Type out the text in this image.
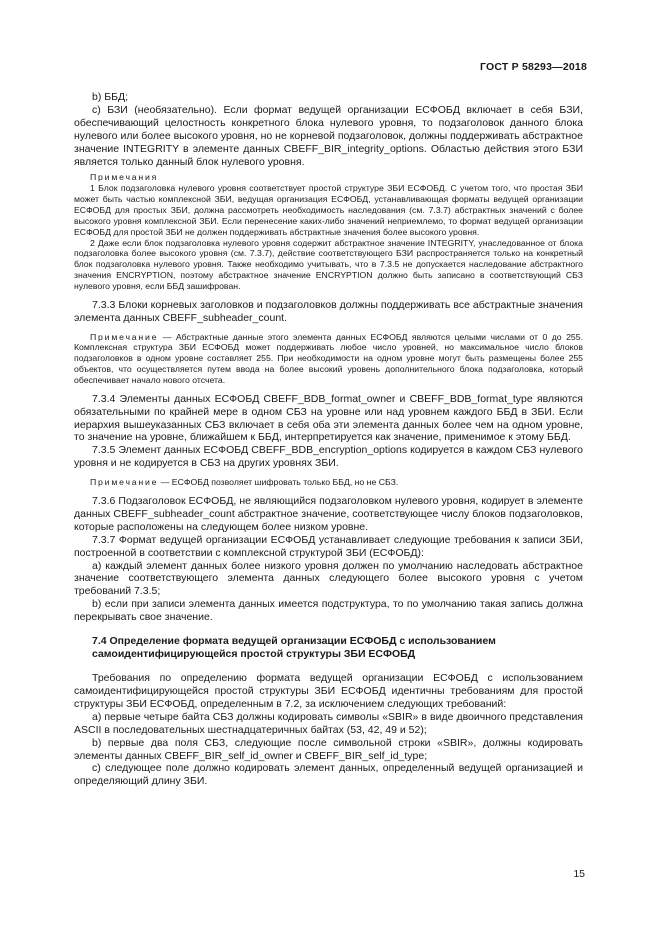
ГОСТ Р 58293—2018

b) ББД;

c) БЗИ (необязательно). Если формат ведущей организации ЕСФОБД включает в себя БЗИ, обеспечивающий целостность конкретного блока нулевого уровня, то подзаголовок данного блока нулевого или более высокого уровня, но не корневой подзаголовок, должны поддерживать абстрактное значение INTEGRITY в элементе данных CBEFF_BIR_integrity_options. Областью действия этого БЗИ является только данный блок нулевого уровня.

Примечания

1 Блок подзаголовка нулевого уровня соответствует простой структуре ЗБИ ЕСФОБД. С учетом того, что простая ЗБИ может быть частью комплексной ЗБИ, ведущая организация ЕСФОБД, устанавливающая форматы ведущей организации ЕСФОБД для простых ЗБИ, должна рассмотреть необходимость наследования (см. 7.3.7) абстрактных значений с более высокого уровня комплексной ЗБИ. Если перенесение каких-либо значений неприемлемо, то формат ведущей организации ЕСФОБД для простой ЗБИ не должен поддерживать абстрактные значения более высокого уровня.

2 Даже если блок подзаголовка нулевого уровня содержит абстрактное значение INTEGRITY, унаследованное от блока подзаголовка более высокого уровня (см. 7.3.7), действие соответствующего БЗИ распространяется только на конкретный блок подзаголовка нулевого уровня. Также необходимо учитывать, что в 7.3.5 не допускается наследование абстрактного значения ENCRYPTION, поэтому абстрактное значение ENCRYPTION должно быть записано в соответствующий СБЗ нулевого уровня, если ББД зашифрован.

7.3.3 Блоки корневых заголовков и подзаголовков должны поддерживать все абстрактные значения элемента данных CBEFF_subheader_count.

Примечание — Абстрактные данные этого элемента данных ЕСФОБД являются целыми числами от 0 до 255. Комплексная структура ЗБИ ЕСФОБД может поддерживать любое число уровней, но максимальное число блоков подзаголовков в одном уровне составляет 255. При необходимости на одном уровне могут быть размещены более 255 объектов, что осуществляется путем ввода на более высокий уровень дополнительного блока подзаголовка, который обеспечивает начало нового отсчета.

7.3.4 Элементы данных ЕСФОБД CBEFF_BDB_format_owner и CBEFF_BDB_format_type являются обязательными по крайней мере в одном СБЗ на уровне или над уровнем каждого ББД в ЗБИ. Если иерархия вышеуказанных СБЗ включает в себя оба эти элемента данных более чем на одном уровне, то значение на уровне, ближайшем к ББД, интерпретируется как значение, применимое к этому ББД.

7.3.5 Элемент данных ЕСФОБД CBEFF_BDB_encryption_options кодируется в каждом СБЗ нулевого уровня и не кодируется в СБЗ на других уровнях ЗБИ.

Примечание — ЕСФОБД позволяет шифровать только ББД, но не СБЗ.

7.3.6 Подзаголовок ЕСФОБД, не являющийся подзаголовком нулевого уровня, кодирует в элементе данных CBEFF_subheader_count абстрактное значение, соответствующее числу блоков подзаголовков, которые расположены на следующем более низком уровне.

7.3.7 Формат ведущей организации ЕСФОБД устанавливает следующие требования к записи ЗБИ, построенной в соответствии с комплексной структурой ЗБИ (ЕСФОБД):

a) каждый элемент данных более низкого уровня должен по умолчанию наследовать абстрактное значение соответствующего элемента данных следующего более высокого уровня с учетом требований 7.3.5;

b) если при записи элемента данных имеется подструктура, то по умолчанию такая запись должна перекрывать свое значение.

7.4 Определение формата ведущей организации ЕСФОБД с использованием

самоидентифицирующейся простой структуры ЗБИ ЕСФОБД

Требования по определению формата ведущей организации ЕСФОБД с использованием самоидентифицирующейся простой структуры ЗБИ ЕСФОБД идентичны требованиям для простой структуры ЗБИ ЕСФОБД, определенным в 7.2, за исключением следующих требований:

a) первые четыре байта СБЗ должны кодировать символы «SBIR» в виде двоичного представления ASCII в последовательных шестнадцатеричных байтах (53, 42, 49 и 52);

b) первые два поля СБЗ, следующие после символьной строки «SBIR», должны кодировать элементы данных CBEFF_BIR_self_id_owner и CBEFF_BIR_self_id_type;

c) следующее поле должно кодировать элемент данных, определенный ведущей организацией и определяющий длину ЗБИ.

15
